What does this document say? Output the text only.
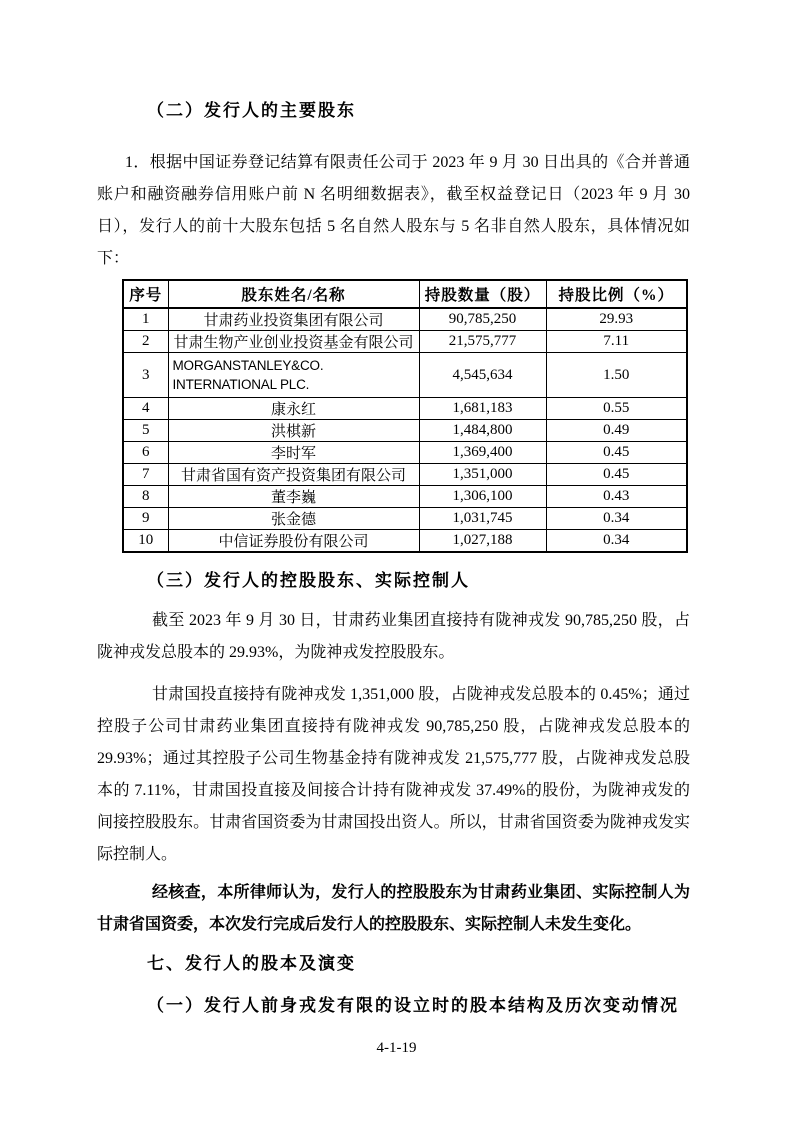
（二）发行人的主要股东

1．根据中国证券登记结算有限责任公司于 2023 年 9 月 30 日出具的《合并普通账户和融资融券信用账户前 N 名明细数据表》，截至权益登记日（2023 年 9 月 30 日），发行人的前十大股东包括 5 名自然人股东与 5 名非自然人股东，具体情况如下：

序号	股东姓名/名称	持股数量（股）	持股比例（%）
1	甘肃药业投资集团有限公司	90,785,250	29.93
2	甘肃生物产业创业投资基金有限公司	21,575,777	7.11
3	MORGANSTANLEY&CO. INTERNATIONAL PLC.	4,545,634	1.50
4	康永红	1,681,183	0.55
5	洪棋新	1,484,800	0.49
6	李时军	1,369,400	0.45
7	甘肃省国有资产投资集团有限公司	1,351,000	0.45
8	董李巍	1,306,100	0.43
9	张金德	1,031,745	0.34
10	中信证券股份有限公司	1,027,188	0.34

（三）发行人的控股股东、实际控制人

截至 2023 年 9 月 30 日，甘肃药业集团直接持有陇神戎发 90,785,250 股，占陇神戎发总股本的 29.93%，为陇神戎发控股股东。

甘肃国投直接持有陇神戎发 1,351,000 股，占陇神戎发总股本的 0.45%；通过控股子公司甘肃药业集团直接持有陇神戎发 90,785,250 股，占陇神戎发总股本的 29.93%；通过其控股子公司生物基金持有陇神戎发 21,575,777 股，占陇神戎发总股本的 7.11%，甘肃国投直接及间接合计持有陇神戎发 37.49%的股份，为陇神戎发的间接控股股东。甘肃省国资委为甘肃国投出资人。所以，甘肃省国资委为陇神戎发实际控制人。

经核查，本所律师认为，发行人的控股股东为甘肃药业集团、实际控制人为甘肃省国资委，本次发行完成后发行人的控股股东、实际控制人未发生变化。

七、发行人的股本及演变

（一）发行人前身戎发有限的设立时的股本结构及历次变动情况

4-1-19
